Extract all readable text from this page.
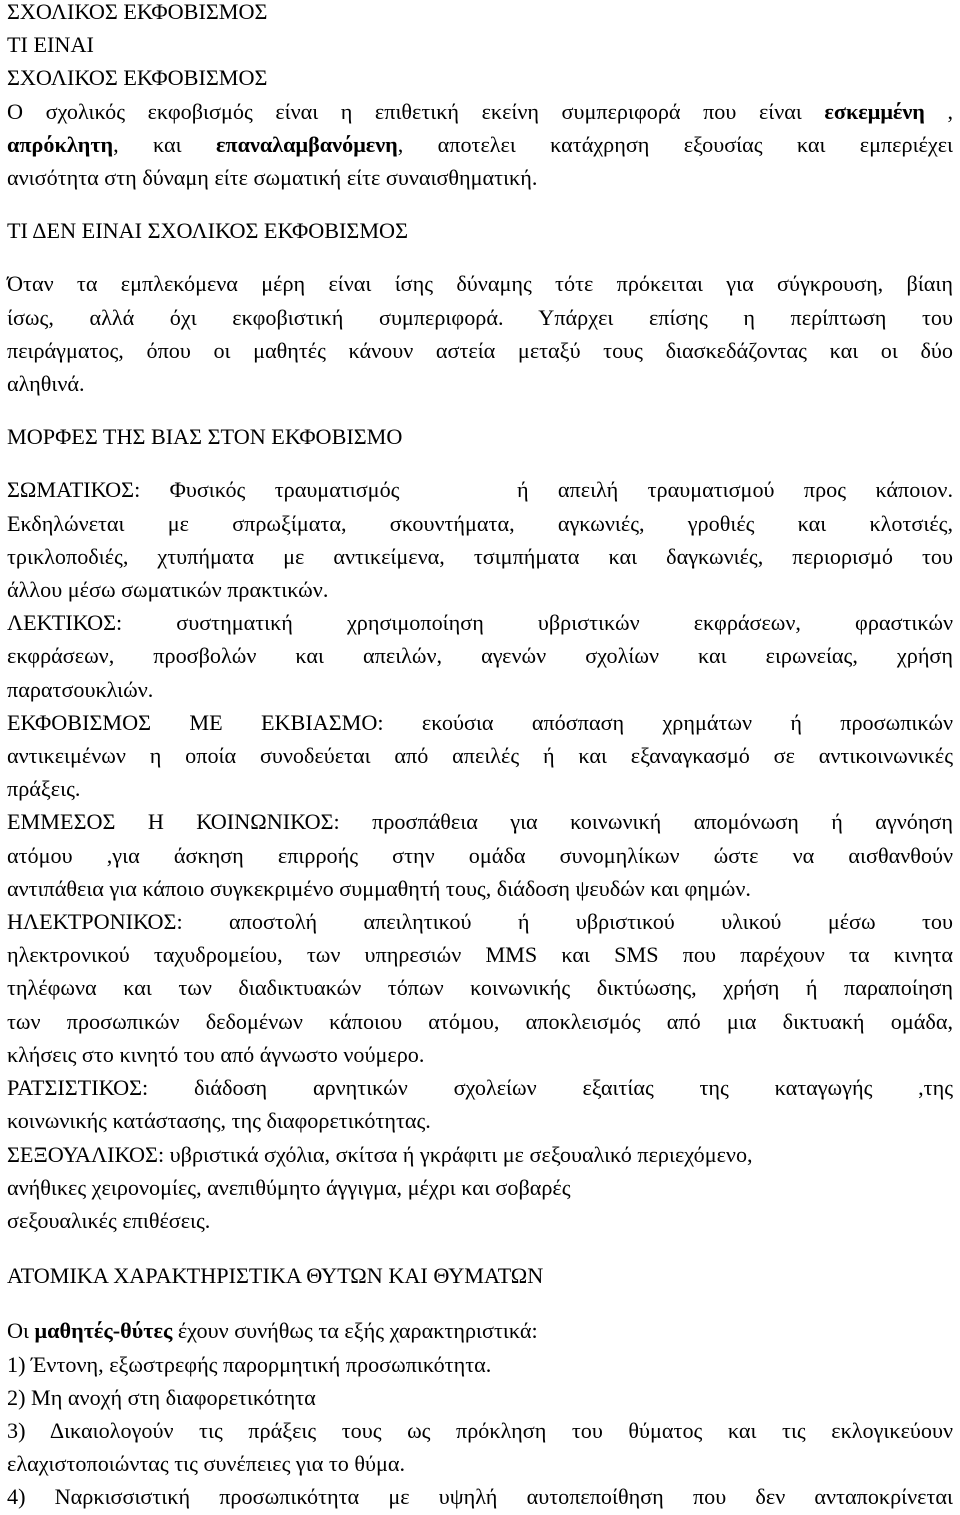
ΣΧΟΛΙΚΟΣ ΕΚΦΟΒΙΣΜΟΣ
ΤΙ ΕΙΝΑΙ
ΣΧΟΛΙΚΟΣ ΕΚΦΟΒΙΣΜΟΣ
Ο σχολικός εκφοβισμός είναι η επιθετική εκείνη συμπεριφορά που είναι εσκεμμένη ,
απρόκλητη, και επαναλαμβανόμενη, αποτελει κατάχρηση εξουσίας και εμπεριέχει
ανισότητα στη δύναμη είτε σωματική είτε συναισθηματική.
ΤΙ ΔΕΝ ΕΙΝΑΙ ΣΧΟΛΙΚΟΣ ΕΚΦΟΒΙΣΜΟΣ
Όταν τα εμπλεκόμενα μέρη είναι ίσης δύναμης τότε πρόκειται για σύγκρουση, βίαιη
ίσως, αλλά όχι εκφοβιστική συμπεριφορά. Υπάρχει επίσης η περίπτωση του
πειράγματος, όπου οι μαθητές κάνουν αστεία μεταξύ τους διασκεδάζοντας και οι δύο
αληθινά.
ΜΟΡΦΕΣ ΤΗΣ ΒΙΑΣ ΣΤΟΝ ΕΚΦΟΒΙΣΜΟ
ΣΩΜΑΤΙΚΟΣ: Φυσικός τραυματισμός    ή απειλή τραυματισμού προς κάποιον.
Εκδηλώνεται με σπρωξίματα, σκουντήματα, αγκωνιές, γροθιές και κλοτσιές,
τρικλοποδιές, χτυπήματα με αντικείμενα, τσιμπήματα και δαγκωνιές, περιορισμό του
άλλου μέσω σωματικών πρακτικών.
ΛΕΚΤΙΚΟΣ: συστηματική χρησιμοποίηση υβριστικών εκφράσεων, φραστικών
εκφράσεων, προσβολών και απειλών, αγενών σχολίων και ειρωνείας, χρήση
παρατσουκλιών.
ΕΚΦΟΒΙΣΜΟΣ ΜΕ ΕΚΒΙΑΣΜΟ: εκούσια απόσπαση χρημάτων ή προσωπικών
αντικειμένων η οποία συνοδεύεται από απειλές ή και εξαναγκασμό σε αντικοινωνικές
πράξεις.
ΕΜΜΕΣΟΣ Η ΚΟΙΝΩΝΙΚΟΣ: προσπάθεια για κοινωνική απομόνωση ή αγνόηση
ατόμου ,για άσκηση επιρροής στην ομάδα συνομηλίκων ώστε να αισθανθούν
αντιπάθεια για κάποιο συγκεκριμένο συμμαθητή τους, διάδοση ψευδών και φημών.
ΗΛΕΚΤΡΟΝΙΚΟΣ: αποστολή απειλητικού ή υβριστικού υλικού μέσω του
ηλεκτρονικού ταχυδρομείου, των υπηρεσιών MMS και SMS που παρέχουν τα κινητα
τηλέφωνα και των διαδικτυακών τόπων κοινωνικής δικτύωσης, χρήση ή παραποίηση
των προσωπικών δεδομένων κάποιου ατόμου, αποκλεισμός από μια δικτυακή ομάδα,
κλήσεις στο κινητό του από άγνωστο νούμερο.
ΡΑΤΣΙΣΤΙΚΟΣ: διάδοση αρνητικών σχολείων εξαιτίας της καταγωγής ,της
κοινωνικής κατάστασης, της διαφορετικότητας.
ΣΕΞΟΥΑΛΙΚΟΣ: υβριστικά σχόλια, σκίτσα ή γκράφιτι με σεξουαλικό περιεχόμενο,
ανήθικες χειρονομίες, ανεπιθύμητο άγγιγμα, μέχρι και σοβαρές
σεξουαλικές επιθέσεις.
ΑΤΟΜΙΚΑ ΧΑΡΑΚΤΗΡΙΣΤΙΚΑ ΘΥΤΩΝ ΚΑΙ ΘΥΜΑΤΩΝ
Οι μαθητές-θύτες έχουν συνήθως τα εξής χαρακτηριστικά:
1) Έντονη, εξωστρεφής παρορμητική προσωπικότητα.
2) Μη ανοχή στη διαφορετικότητα
3) Δικαιολογούν τις πράξεις τους ως πρόκληση του θύματος και τις εκλογικεύουν
ελαχιστοποιώντας τις συνέπειες για το θύμα.
4) Ναρκισσιστική προσωπικότητα με υψηλή αυτοπεποίθηση που δεν ανταποκρίνεται
